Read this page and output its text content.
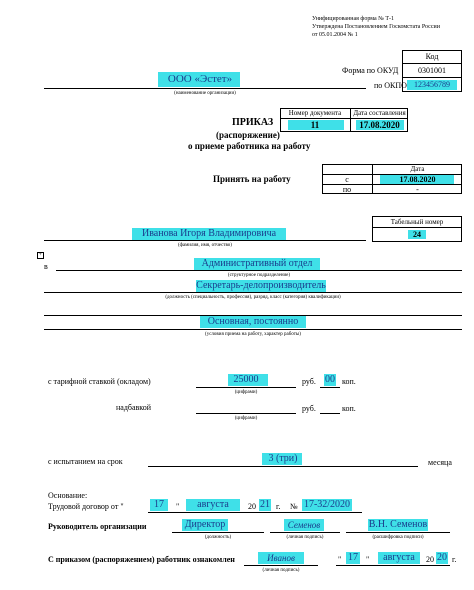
Унифицированная форма № Т-1
Утверждена Постановлением Госкомстата России
от 05.01.2004 № 1
Код
Форма по ОКУД	0301001
по ОКПО 123456789
ООО «Эстет»
(наименование организации)
Номер документа	Дата составления
11	17.08.2020
ПРИКАЗ
(распоряжение)
о приеме работника на работу
Дата
Принять на работу	с	17.08.2020
по	-
Табельный номер
24
Иванова Игоря Владимировича
(фамилия, имя, отчество)
+
в	Административный отдел
(структурное подразделение)
Секретарь-делопроизводитель
(должность (специальность, профессия), разряд, класс (категория) квалификации)
Основная, постоянно
(условия приема на работу, характер работы)
с тарифной ставкой (окладом)	25000
(цифрами)
руб. 00 коп.
надбавкой
(цифрами)
руб.	коп.
с испытанием на срок	3 (три)	месяца
Основание:
Трудовой договор от "	17	"	августа	20 21 г. № 17-32/2020
Руководитель организации	Директор
(должность)
Семенов
(личная подпись)
В.Н. Семенов
(расшифровка подписи)
С приказом (распоряжением) работник ознакомлен	Иванов
(личная подпись)
" 17	"	августа	20 20 г.
